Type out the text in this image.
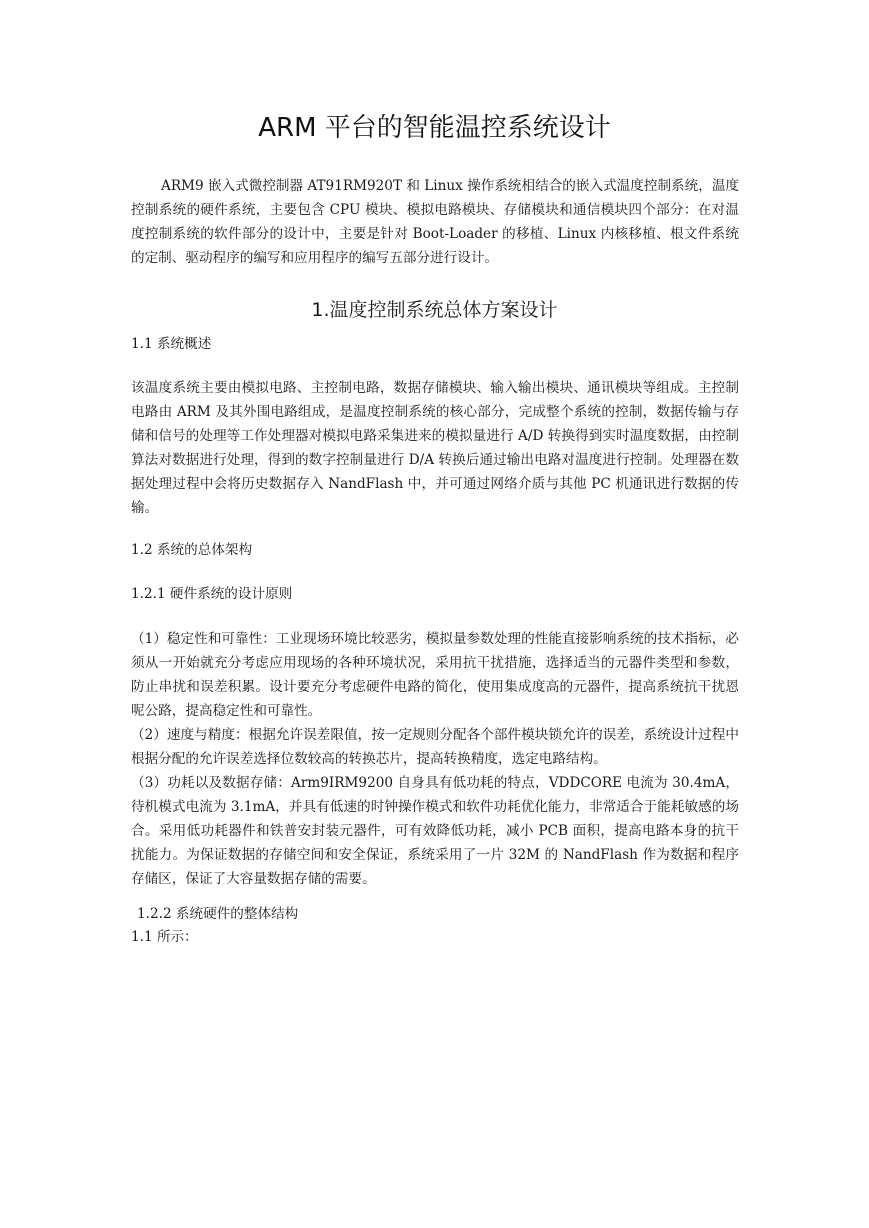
ARM 平台的智能温控系统设计
ARM9 嵌入式微控制器 AT91RM920T 和 Linux 操作系统相结合的嵌入式温度控制系统，温度控制系统的硬件系统，主要包含 CPU 模块、模拟电路模块、存储模块和通信模块四个部分：在对温度控制系统的软件部分的设计中，主要是针对 Boot-Loader 的移植、Linux 内核移植、根文件系统的定制、驱动程序的编写和应用程序的编写五部分进行设计。
1.温度控制系统总体方案设计
1.1 系统概述
该温度系统主要由模拟电路、主控制电路，数据存储模块、输入输出模块、通讯模块等组成。主控制电路由 ARM 及其外围电路组成，是温度控制系统的核心部分，完成整个系统的控制，数据传输与存储和信号的处理等工作处理器对模拟电路采集进来的模拟量进行 A/D 转换得到实时温度数据，由控制算法对数据进行处理，得到的数字控制量进行 D/A 转换后通过输出电路对温度进行控制。处理器在数据处理过程中会将历史数据存入 NandFlash 中，并可通过网络介质与其他 PC 机通讯进行数据的传输。
1.2 系统的总体架构
1.2.1 硬件系统的设计原则
（1）稳定性和可靠性：工业现场环境比较恶劣，模拟量参数处理的性能直接影响系统的技术指标，必须从一开始就充分考虑应用现场的各种环境状况，采用抗干扰措施，选择适当的元器件类型和参数，防止串扰和误差积累。设计要充分考虑硬件电路的简化，使用集成度高的元器件，提高系统抗干扰恩呢公路，提高稳定性和可靠性。
（2）速度与精度：根据允许误差限值，按一定规则分配各个部件模块锁允许的误差，系统设计过程中根据分配的允许误差选择位数较高的转换芯片，提高转换精度，选定电路结构。
（3）功耗以及数据存储：Arm9IRM9200 自身具有低功耗的特点，VDDCORE 电流为 30.4mA，待机模式电流为 3.1mA，并具有低速的时钟操作模式和软件功耗优化能力，非常适合于能耗敏感的场合。采用低功耗器件和铁普安封装元器件，可有效降低功耗，减小 PCB 面积，提高电路本身的抗干扰能力。为保证数据的存储空间和安全保证，系统采用了一片 32M 的 NandFlash 作为数据和程序存储区，保证了大容量数据存储的需要。
1.2.2 系统硬件的整体结构
1.1 所示：
